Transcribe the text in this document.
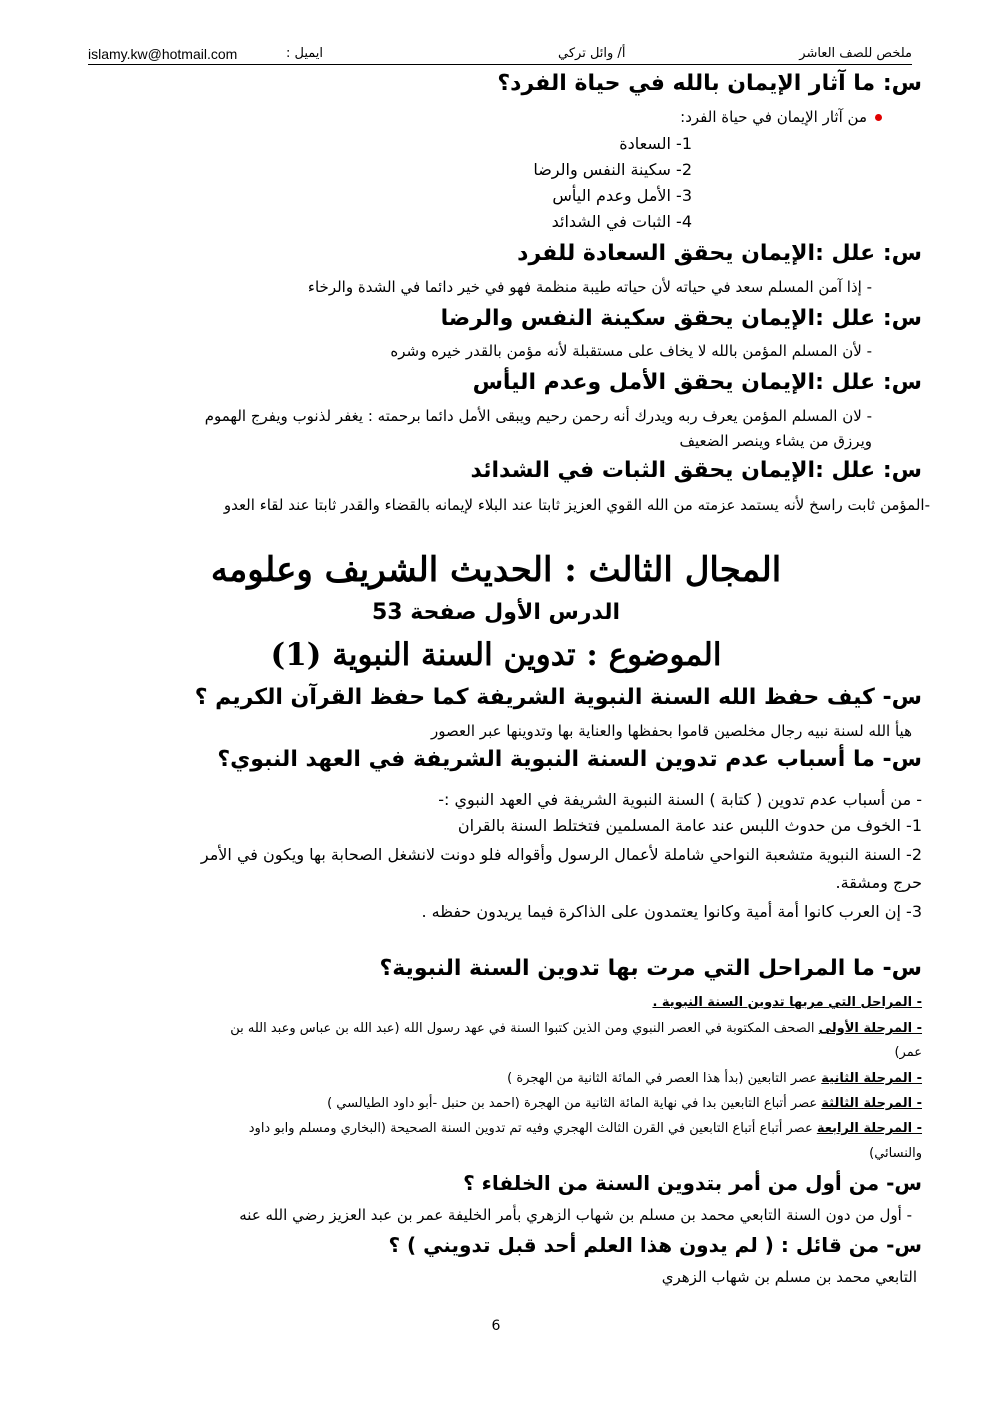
islamy.kw@hotmail.com	ايميل :	أ/ وائل تركي	ملخص للصف العاشر
س: ما آثار الإيمان بالله في حياة الفرد؟
من آثار الإيمان في حياة الفرد:
1- السعادة
2- سكينة النفس والرضا
3- الأمل وعدم اليأس
4- الثبات في الشدائد
س: علل :الإيمان يحقق السعادة للفرد
- إذا آمن المسلم سعد في حياته لأن حياته طيبة منظمة فهو في خير دائما في الشدة والرخاء
س: علل :الإيمان يحقق سكينة النفس والرضا
- لأن المسلم المؤمن بالله لا يخاف على مستقبلة لأنه مؤمن بالقدر خيره وشره
س: علل :الإيمان يحقق الأمل وعدم اليأس
- لان المسلم المؤمن يعرف ربه ويدرك أنه رحمن رحيم ويبقى الأمل دائما برحمته : يغفر لذنوب ويفرج الهموم
ويرزق من يشاء وينصر الضعيف
س: علل :الإيمان يحقق الثبات في الشدائد
-المؤمن ثابت راسخ لأنه يستمد عزمته من الله القوي العزيز ثابتا عند البلاء لإيمانه بالقضاء والقدر ثابتا عند لقاء العدو
المجال الثالث : الحديث الشريف وعلومه
الدرس الأول صفحة 53
الموضوع : تدوين السنة النبوية (1)
س- كيف حفظ الله السنة النبوية الشريفة كما حفظ القرآن الكريم ؟
هيأ الله لسنة نبيه رجال مخلصين قاموا بحفظها والعناية بها وتدوينها عبر العصور
س- ما أسباب عدم تدوين السنة النبوية الشريفة في العهد النبوي؟
- من أسباب عدم تدوين ( كتابة ) السنة النبوية الشريفة في العهد النبوي :-
1- الخوف من حدوث اللبس عند عامة المسلمين فتختلط السنة بالقران
2- السنة النبوية متشعبة النواحي شاملة لأعمال الرسول وأقواله فلو دونت لانشغل الصحابة بها ويكون في الأمر
حرج ومشقة.
3- إن العرب كانوا أمة أمية وكانوا يعتمدون على الذاكرة فيما يريدون حفظه .
س- ما المراحل التي مرت بها تدوين السنة النبوية؟
- المراحل التي مربها تدوين السنة النبوية .
- المرحلة الأولى الصحف المكتوبة في العصر النبوي ومن الذين كتبوا السنة في عهد رسول الله (عبد الله بن عباس وعبد الله بن
عمر)
- المرحلة الثانية عصر التابعين (بدأ هذا العصر في المائة الثانية من الهجرة )
- المرحلة الثالثة عصر أتباع التابعين بدا في نهاية المائة الثانية من الهجرة (احمد بن حنبل -أبو داود الطيالسي )
- المرحلة الرابعة عصر أتباع أتباع التابعين في القرن الثالث الهجري وفيه تم تدوين السنة الصحيحة (البخاري ومسلم وابو داود
والنسائي)
س- من أول من أمر بتدوين السنة من الخلفاء ؟
- أول من دون السنة التابعي محمد بن مسلم بن شهاب الزهري بأمر الخليفة عمر بن عبد العزيز رضي الله عنه
س- من قائل : ( لم يدون هذا العلم أحد قبل تدويني ) ؟
التابعي محمد بن مسلم بن شهاب الزهري
6
